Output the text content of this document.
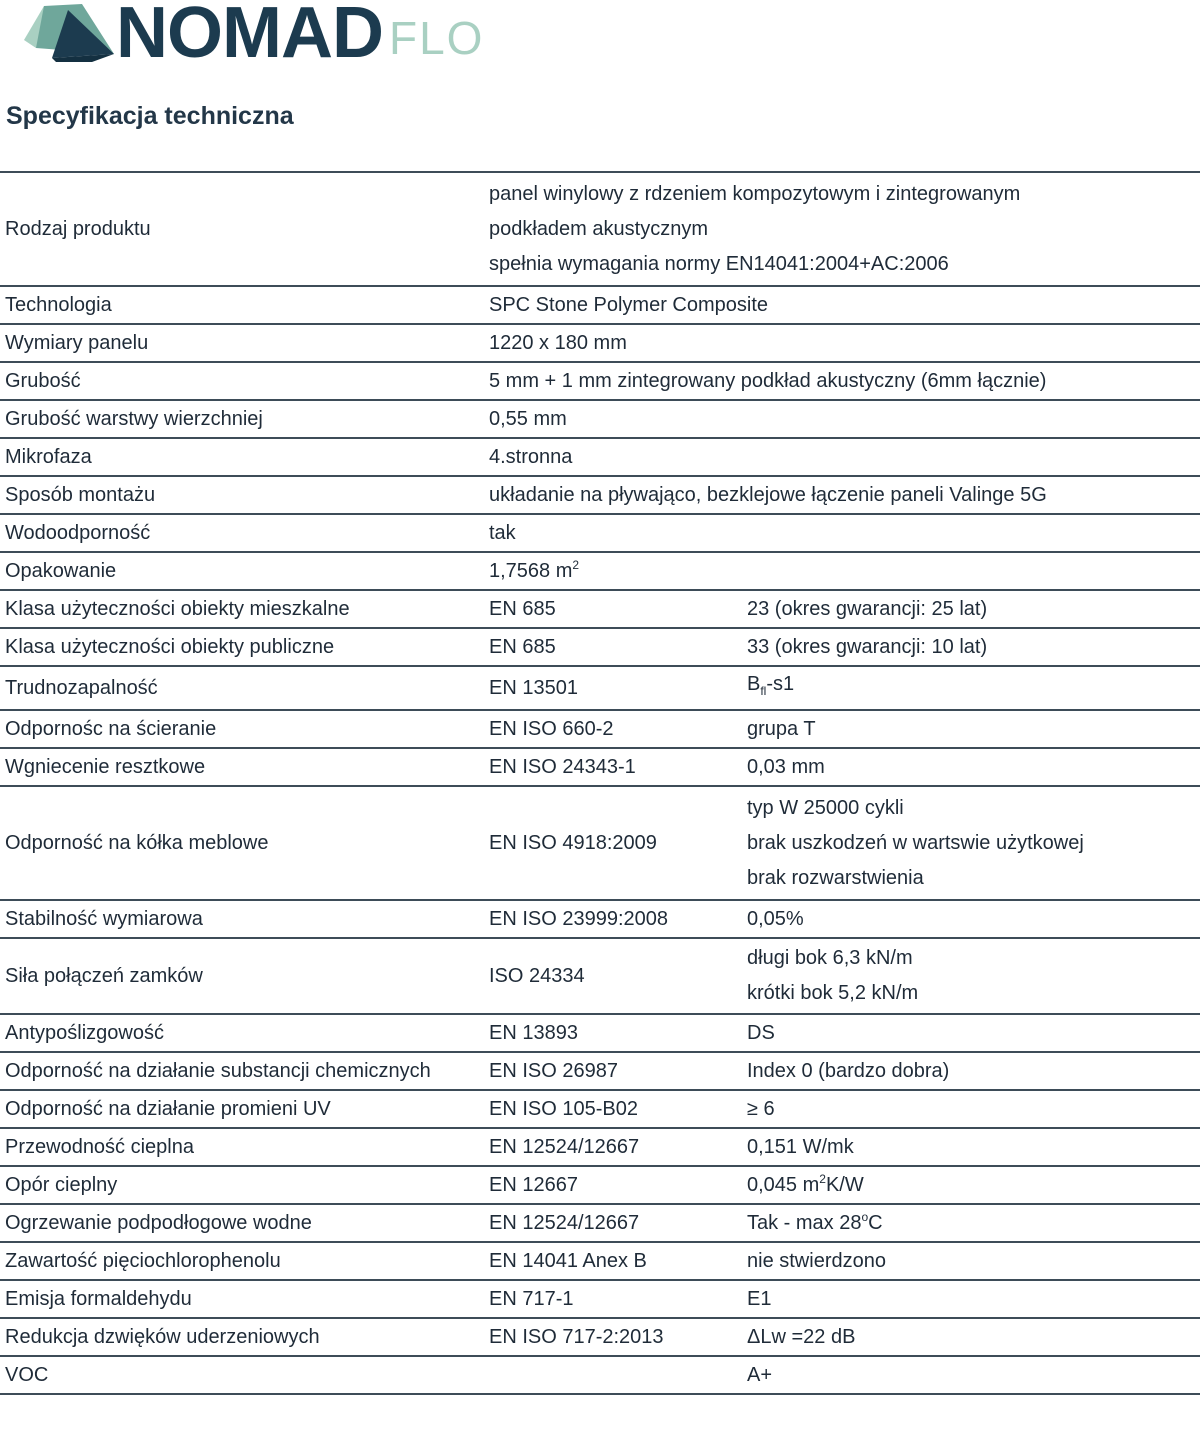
NOMAD FLO
Specyfikacja techniczna
Rodzaj produktu	panel winylowy z rdzeniem kompozytowym i zintegrowanym
podkładem akustycznym
spełnia wymagania normy EN14041:2004+AC:2006	

Technologia	SPC Stone Polymer Composite	
Wymiary panelu	1220 x 180 mm	
Grubość	5 mm + 1 mm zintegrowany podkład akustyczny (6mm łącznie)	
Grubość warstwy wierzchniej	0,55 mm	
Mikrofaza	4.stronna	
Sposób montażu	układanie na pływająco, bezklejowe łączenie paneli Valinge 5G	
Wodoodporność	tak	
Opakowanie	1,7568 $m^2$
Klasa użyteczności obiekty mieszkalne	EN 685	23 (okres gwarancji: 25 lat)
Klasa użyteczności obiekty publiczne	EN 685	33 (okres gwarancji: 10 lat)
Trudnozapalność	EN 13501	$B_{fl}-s1$
Odpornośc na ścieranie	EN ISO 660-2	grupa T
Wgniecenie resztkowe	EN ISO 24343-1	0,03 mm
Odporność na kółka meblowe	EN ISO 4918:2009	typ W 25000 cykli
brak uszkodzeń w wartswie użytkowej
brak rozwarstwienia

Stabilność wymiarowa	EN ISO 23999:2008	0,05%
Siła połączeń zamków	ISO 24334	długi bok 6,3 kN/m
krótki bok 5,2 kN/m

Antypoślizgowość	EN 13893	DS
Odporność na działanie substancji chemicznych	EN ISO 26987	Index 0 (bardzo dobra)
Odporność na działanie promieni UV	EN ISO 105-B02	≥ 6
Przewodność cieplna	EN 12524/12667	0,151 W/mk
Opór cieplny	EN 12667	0,045 $m^2K/W$
Ogrzewanie podpodłogowe wodne	EN 12524/12667	Tak - max 28$^o$C
Zawartość pięciochlorophenolu	EN 14041 Anex B	nie stwierdzono
Emisja formaldehydu	EN 717-1	E1
Redukcja dzwięków uderzeniowych	EN ISO 717-2:2013	ΔLw =22 dB
VOC		A+
